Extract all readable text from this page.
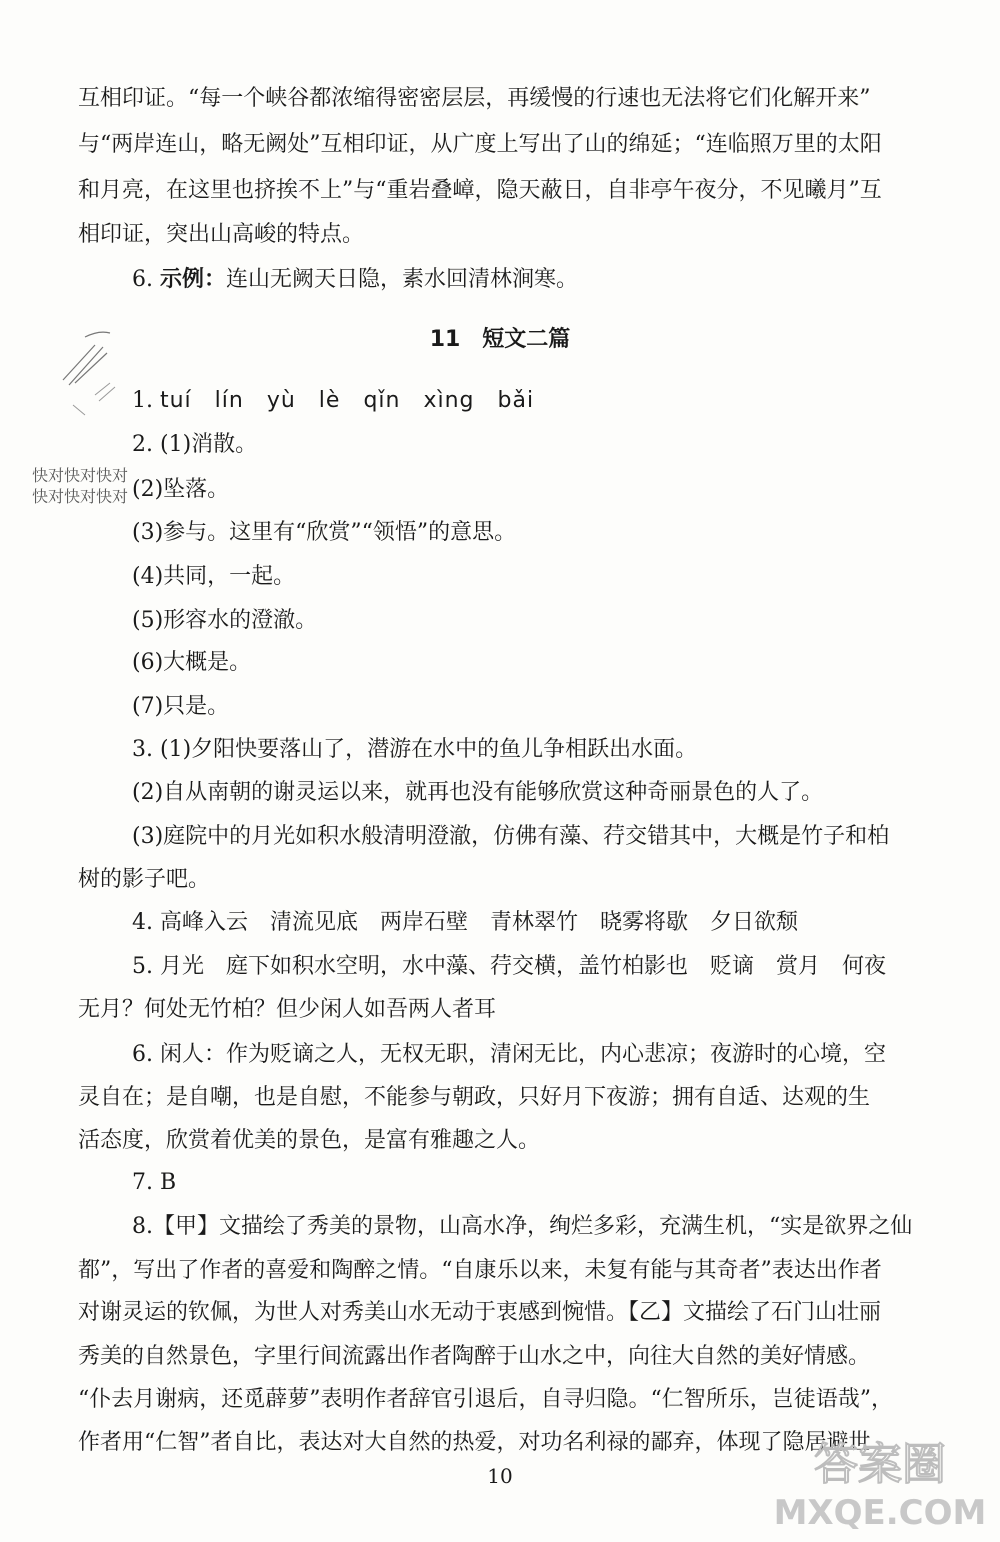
互相印证。“每一个峡谷都浓缩得密密层层，再缓慢的行速也无法将它们化解开来”
与“两岸连山，略无阙处”互相印证，从广度上写出了山的绵延；“连临照万里的太阳
和月亮，在这里也挤挨不上”与“重岩叠嶂，隐天蔽日，自非亭午夜分，不见曦月”互
相印证，突出山高峻的特点。
6. 示例：连山无阙天日隐，素水回清林涧寒。
11　短文二篇
1. tuí　lín　yù　lè　qǐn　xìng　bǎi
2. (1)消散。
(2)坠落。
(3)参与。这里有“欣赏”“领悟”的意思。
(4)共同，一起。
(5)形容水的澄澈。
(6)大概是。
(7)只是。
3. (1)夕阳快要落山了，潜游在水中的鱼儿争相跃出水面。
(2)自从南朝的谢灵运以来，就再也没有能够欣赏这种奇丽景色的人了。
(3)庭院中的月光如积水般清明澄澈，仿佛有藻、荇交错其中，大概是竹子和柏
树的影子吧。
4. 高峰入云　清流见底　两岸石壁　青林翠竹　晓雾将歇　夕日欲颓
5. 月光　庭下如积水空明，水中藻、荇交横，盖竹柏影也　贬谪　赏月　何夜
无月？何处无竹柏？但少闲人如吾两人者耳
6. 闲人：作为贬谪之人，无权无职，清闲无比，内心悲凉；夜游时的心境，空
灵自在；是自嘲，也是自慰，不能参与朝政，只好月下夜游；拥有自适、达观的生
活态度，欣赏着优美的景色，是富有雅趣之人。
7. B
8.【甲】文描绘了秀美的景物，山高水净，绚烂多彩，充满生机，“实是欲界之仙
都”，写出了作者的喜爱和陶醉之情。“自康乐以来，未复有能与其奇者”表达出作者
对谢灵运的钦佩，为世人对秀美山水无动于衷感到惋惜。【乙】文描绘了石门山壮丽
秀美的自然景色，字里行间流露出作者陶醉于山水之中，向往大自然的美好情感。
“仆去月谢病，还觅薜萝”表明作者辞官引退后，自寻归隐。“仁智所乐，岂徒语哉”，
作者用“仁智”者自比，表达对大自然的热爱，对功名利禄的鄙弃，体现了隐居避世
快对快对快对
快对快对快对
10	答案圈
MXQE.COM
